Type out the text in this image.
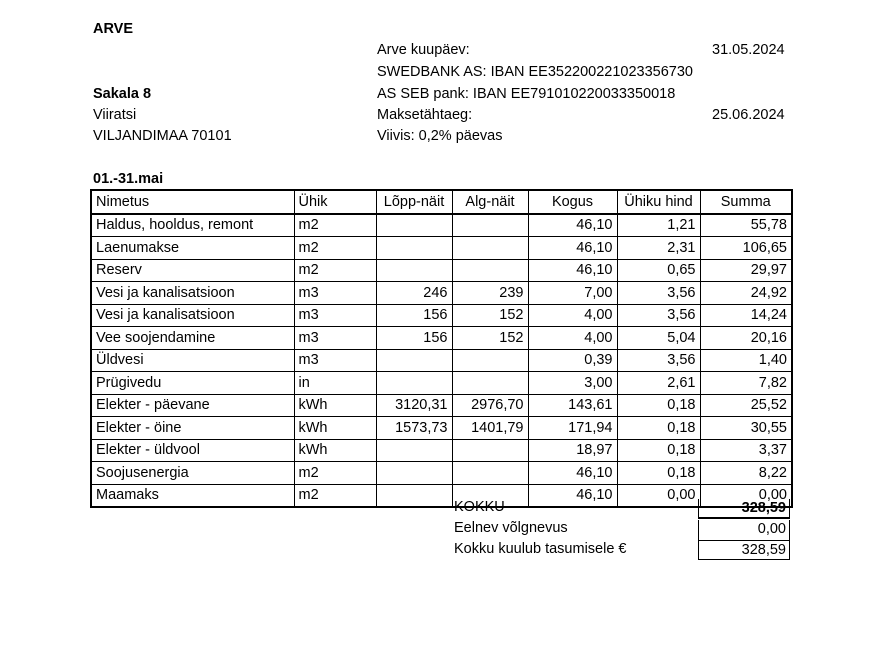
ARVE
Arve kuupäev:	31.05.2024
SWEDBANK AS: IBAN EE352200221023356730
Sakala 8	AS SEB pank: IBAN EE791010220033350018
Viiratsi	Maksetähtaeg:	25.06.2024
VILJANDIMAA 70101	Viivis: 0,2% päevas
01.-31.mai
Nimetus	Ühik	Lõpp-näit	Alg-näit	Kogus	Ühiku hind	Summa
Haldus, hooldus, remont	m2			46,10	1,21	55,78
Laenumakse	m2			46,10	2,31	106,65
Reserv	m2			46,10	0,65	29,97
Vesi ja kanalisatsioon	m3	246	239	7,00	3,56	24,92
Vesi ja kanalisatsioon	m3	156	152	4,00	3,56	14,24
Vee soojendamine	m3	156	152	4,00	5,04	20,16
Üldvesi	m3			0,39	3,56	1,40
Prügivedu	in			3,00	2,61	7,82
Elekter - päevane	kWh	3120,31	2976,70	143,61	0,18	25,52
Elekter - öine	kWh	1573,73	1401,79	171,94	0,18	30,55
Elekter - üldvool	kWh			18,97	0,18	3,37
Soojusenergia	m2			46,10	0,18	8,22
Maamaks	m2			46,10	0,00	0,00
KOKKU	328,59
Eelnev võlgnevus	0,00
Kokku kuulub tasumisele €	328,59
